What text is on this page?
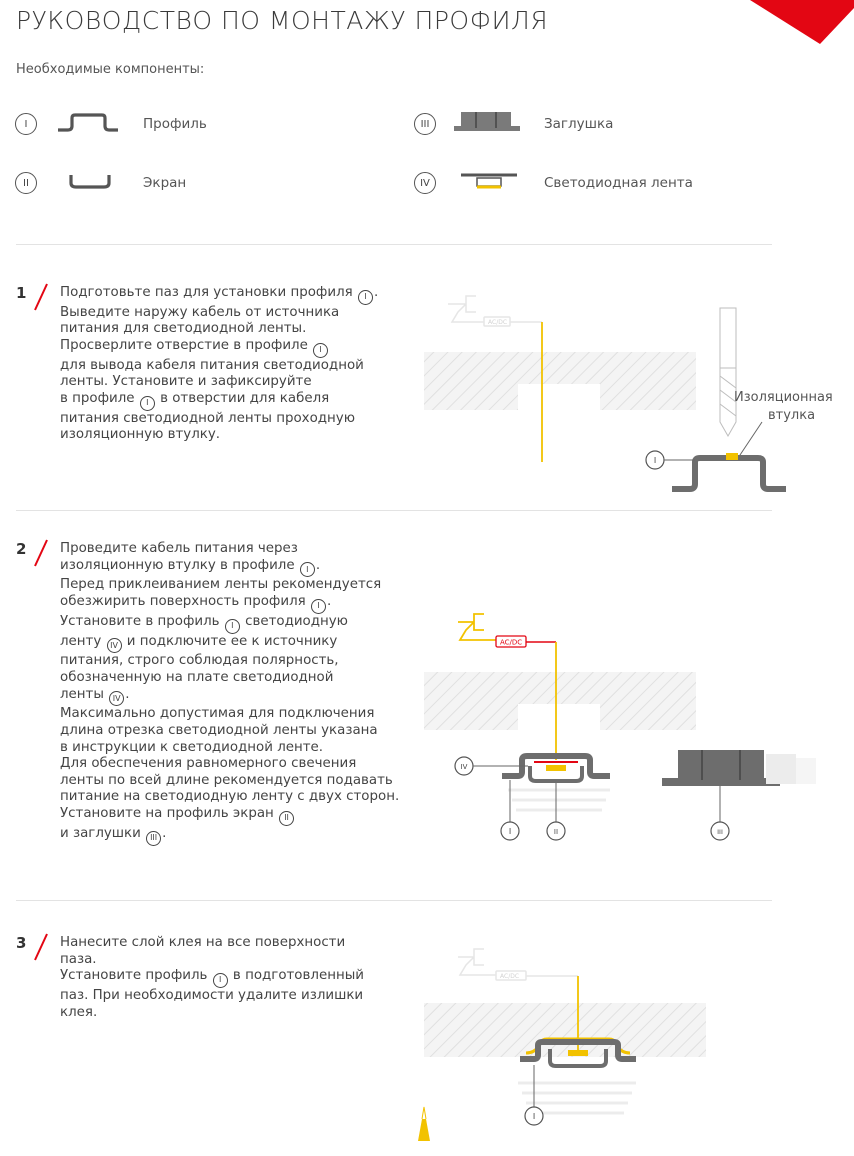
РУКОВОДСТВО ПО МОНТАЖУ ПРОФИЛЯ
Необходимые компоненты:
I	Профиль
II	Экран
III	Заглушка
IV	Светодиодная лента
1	Подготовьте паз для установки профиля I .
Выведите наружу кабель от источника
питания для светодиодной ленты.
Просверлите отверстие в профиле I
для вывода кабеля питания светодиодной
ленты. Установите и зафиксируйте
в профиле I в отверстии для кабеля
питания светодиодной ленты проходную
изоляционную втулку.
AC/DC
Изоляционная
втулка
I
2	Проведите кабель питания через
изоляционную втулку в профиле I .
Перед приклеиванием ленты рекомендуется
обезжирить поверхность профиля I .
Установите в профиль I светодиодную
ленту IV и подключите ее к источнику
питания, строго соблюдая полярность,
обозначенную на плате светодиодной
ленты IV .
Максимально допустимая для подключения
длина отрезка светодиодной ленты указана
в инструкции к светодиодной ленте.
Для обеспечения равномерного свечения
ленты по всей длине рекомендуется подавать
питание на светодиодную ленту с двух сторон.
Установите на профиль экран II
и заглушки III .
AC/DC
IV
I	II	III
3	Нанесите слой клея на все поверхности
паза.
Установите профиль I в подготовленный
паз. При необходимости удалите излишки
клея.
AC/DC
I
